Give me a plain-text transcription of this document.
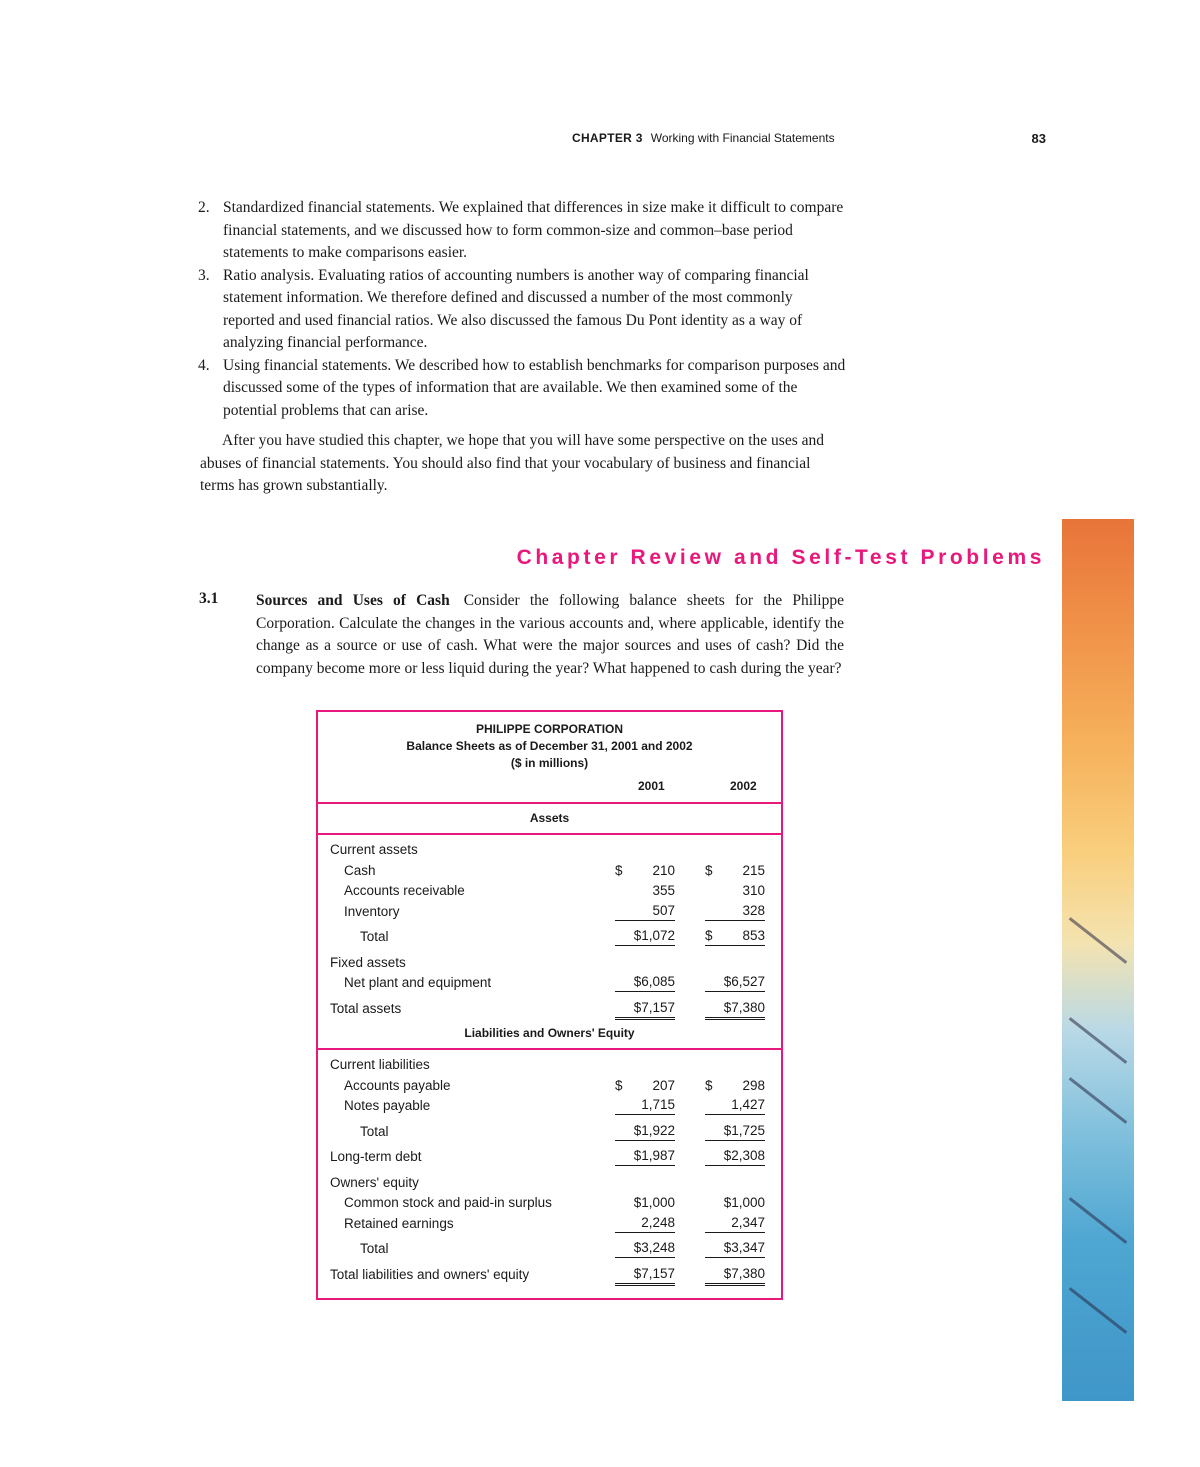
CHAPTER 3 Working with Financial Statements	83
2. Standardized financial statements. We explained that differences in size make it difficult to compare financial statements, and we discussed how to form common-size and common–base period statements to make comparisons easier.
3. Ratio analysis. Evaluating ratios of accounting numbers is another way of comparing financial statement information. We therefore defined and discussed a number of the most commonly reported and used financial ratios. We also discussed the famous Du Pont identity as a way of analyzing financial performance.
4. Using financial statements. We described how to establish benchmarks for comparison purposes and discussed some of the types of information that are available. We then examined some of the potential problems that can arise.
After you have studied this chapter, we hope that you will have some perspective on the uses and abuses of financial statements. You should also find that your vocabulary of business and financial terms has grown substantially.
Chapter Review and Self-Test Problems
3.1 Sources and Uses of Cash Consider the following balance sheets for the Philippe Corporation. Calculate the changes in the various accounts and, where applicable, identify the change as a source or use of cash. What were the major sources and uses of cash? Did the company become more or less liquid during the year? What happened to cash during the year?
PHILIPPE CORPORATION
Balance Sheets as of December 31, 2001 and 2002
($ in millions)
2001	2002
Assets
Current assets
Cash	$ 210 $ 215
Accounts receivable	355	310
Inventory	507	328
Total	$1,072 $ 853
Fixed assets
Net plant and equipment	$6,085	$6,527
Total assets	$7,157	$7,380
Liabilities and Owners' Equity
Current liabilities
Accounts payable	$ 207 $ 298
Notes payable	1,715	1,427
Total	$1,922	$1,725
Long-term debt	$1,987	$2,308
Owners' equity
Common stock and paid-in surplus	$1,000	$1,000
Retained earnings	2,248	2,347
Total	$3,248	$3,347
Total liabilities and owners' equity	$7,157	$7,380
